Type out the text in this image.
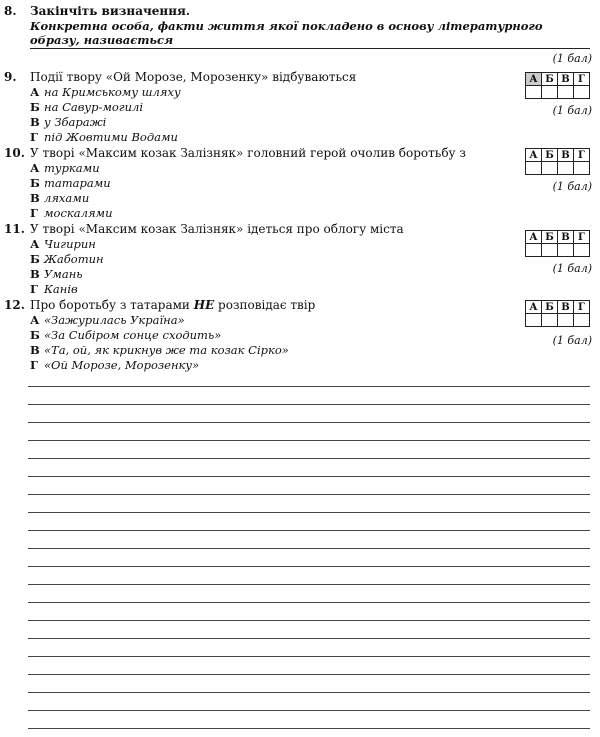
8. Закінчіть визначення.
Конкретна особа, факти життя якої покладено в основу літературного образу, називається
(1 бал)
9. Події твору «Ой Морозе, Морозенку» відбуваються
А на Кримському шляху
Б на Савур-могилі
В у Збаражі
Г під Жовтими Водами
А	Б	В	Г

(1 бал)
10. У творі «Максим козак Залізняк» головний герой очолив боротьбу з
А турками
Б татарами
В ляхами
Г москалями
А	Б	В	Г

(1 бал)
11. У творі «Максим козак Залізняк» ідеться про облогу міста
А Чигирин
Б Жаботин
В Умань
Г Канів
А	Б	В	Г

(1 бал)
12. Про боротьбу з татарами НЕ розповідає твір
А «Зажурилась Україна»
Б «За Сибіром сонце сходить»
В «Та, ой, як крикнув же та козак Сірко»
Г «Ой Морозе, Морозенку»
А	Б	В	Г

(1 бал)
